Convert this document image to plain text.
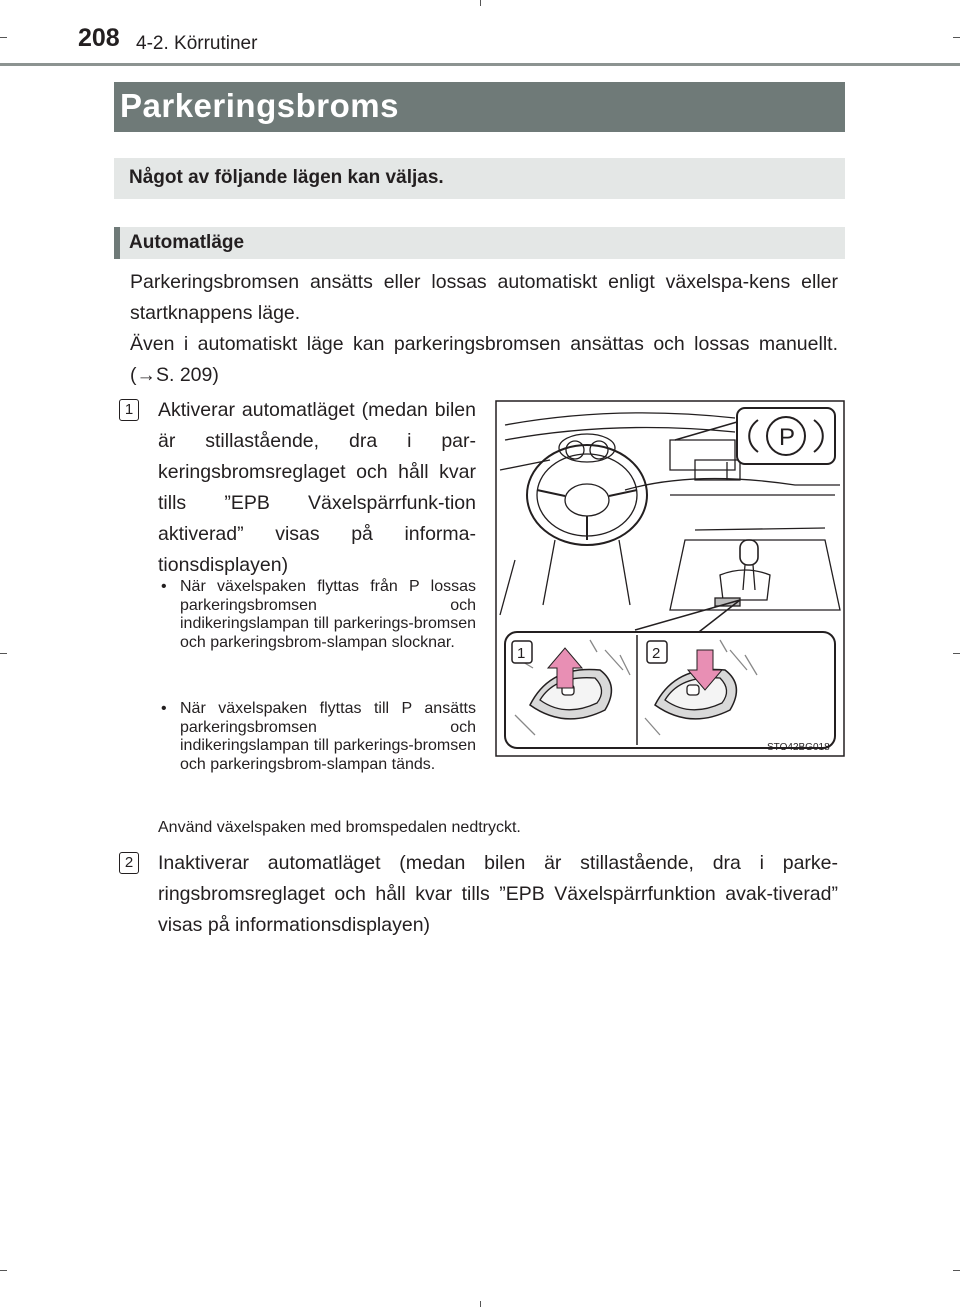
208 4-2. Körrutiner
Parkeringsbroms
Något av följande lägen kan väljas.
Automatläge
Parkeringsbromsen ansätts eller lossas automatiskt enligt växelspa-kens eller startknappens läge.
Även i automatiskt läge kan parkeringsbromsen ansättas och lossas manuellt. (→S. 209)
1 Aktiverar automatläget (medan bilen är stillastående, dra i par-keringsbromsreglaget och håll kvar tills ”EPB Växelspärrfunk-tion aktiverad” visas på informa-tionsdisplayen)
• När växelspaken flyttas från P lossas parkeringsbromsen och indikeringslampan till parkerings-bromsen och parkeringsbrom-slampan slocknar.
• När växelspaken flyttas till P ansätts parkeringsbromsen och indikeringslampan till parkerings-bromsen och parkeringsbrom-slampan tänds.
Använd växelspaken med bromspedalen nedtryckt.
2 Inaktiverar automatläget (medan bilen är stillastående, dra i parke-ringsbromsreglaget och håll kvar tills ”EPB Växelspärrfunktion avak-tiverad” visas på informationsdisplayen)
P
1	2
STO42BG018
